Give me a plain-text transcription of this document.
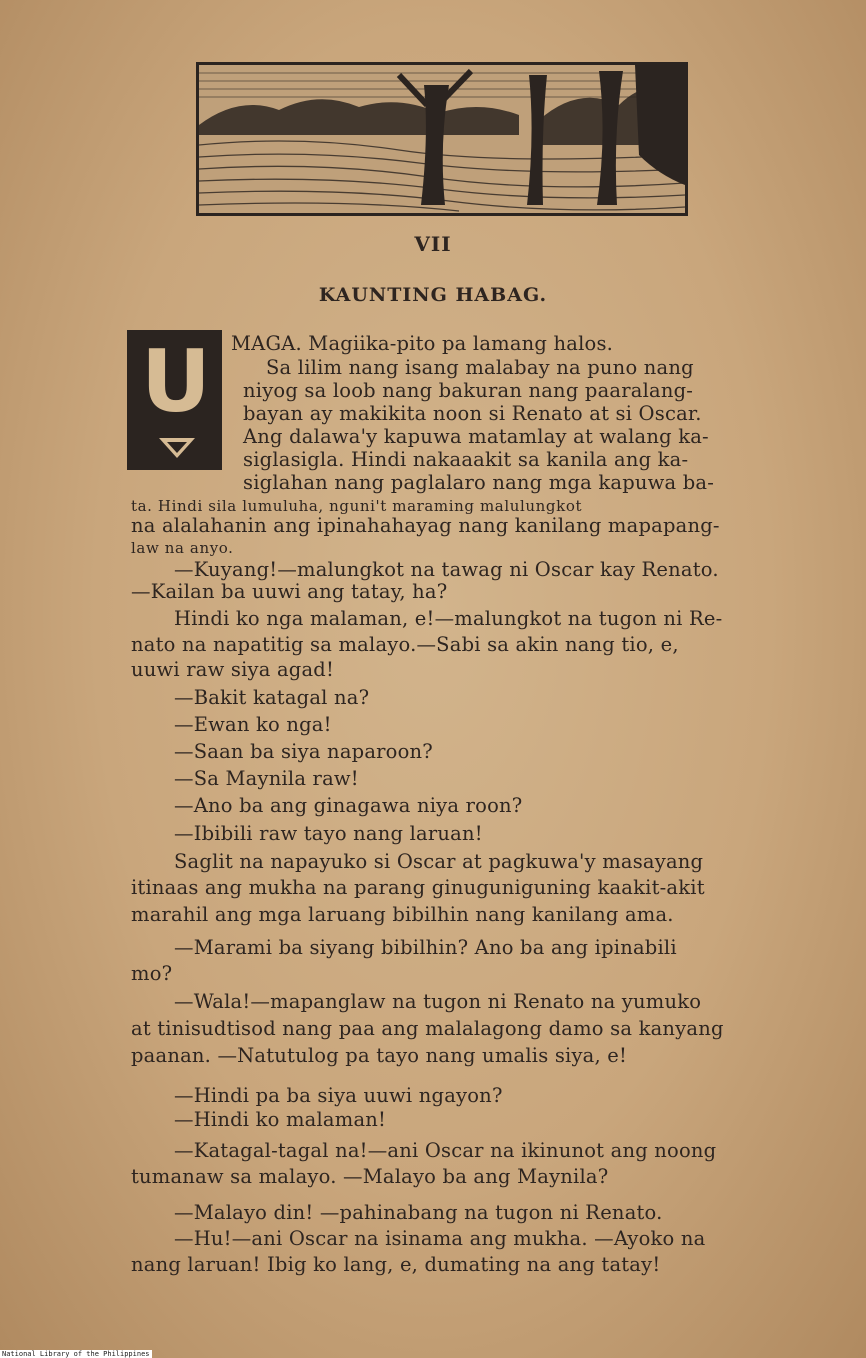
VII
KAUNTING HABAG.
U MAGA. Magiika-pito pa lamang halos.
Sa lilim nang isang malabay na puno nang
niyog sa loob nang bakuran nang paaralang-
bayan ay makikita noon si Renato at si Oscar.
Ang dalawa'y kapuwa matamlay at walang ka-
siglasigla. Hindi nakaaakit sa kanila ang ka-
siglahan nang paglalaro nang mga kapuwa ba-
ta. Hindi sila lumuluha, nguni't maraming malulungkot
na alalahanin ang ipinahahayag nang kanilang mapapang-
law na anyo.
—Kuyang!—malungkot na tawag ni Oscar kay Renato.
—Kailan ba uuwi ang tatay, ha?
Hindi ko nga malaman, e!—malungkot na tugon ni Re-
nato na napatitig sa malayo.—Sabi sa akin nang tio, e,
uuwi raw siya agad!
—Bakit katagal na?
—Ewan ko nga!
—Saan ba siya naparoon?
—Sa Maynila raw!
—Ano ba ang ginagawa niya roon?
—Ibibili raw tayo nang laruan!
Saglit na napayuko si Oscar at pagkuwa'y masayang
itinaas ang mukha na parang ginuguniguning kaakit-akit
marahil ang mga laruang bibilhin nang kanilang ama.
—Marami ba siyang bibilhin? Ano ba ang ipinabili
mo?
—Wala!—mapanglaw na tugon ni Renato na yumuko
at tinisudtisod nang paa ang malalagong damo sa kanyang
paanan. —Natutulog pa tayo nang umalis siya, e!
—Hindi pa ba siya uuwi ngayon?
—Hindi ko malaman!
—Katagal-tagal na!—ani Oscar na ikinunot ang noong
tumanaw sa malayo. —Malayo ba ang Maynila?
—Malayo din! —pahinabang na tugon ni Renato.
—Hu!—ani Oscar na isinama ang mukha. —Ayoko na
nang laruan! Ibig ko lang, e, dumating na ang tatay!
National Library of the Philippines
